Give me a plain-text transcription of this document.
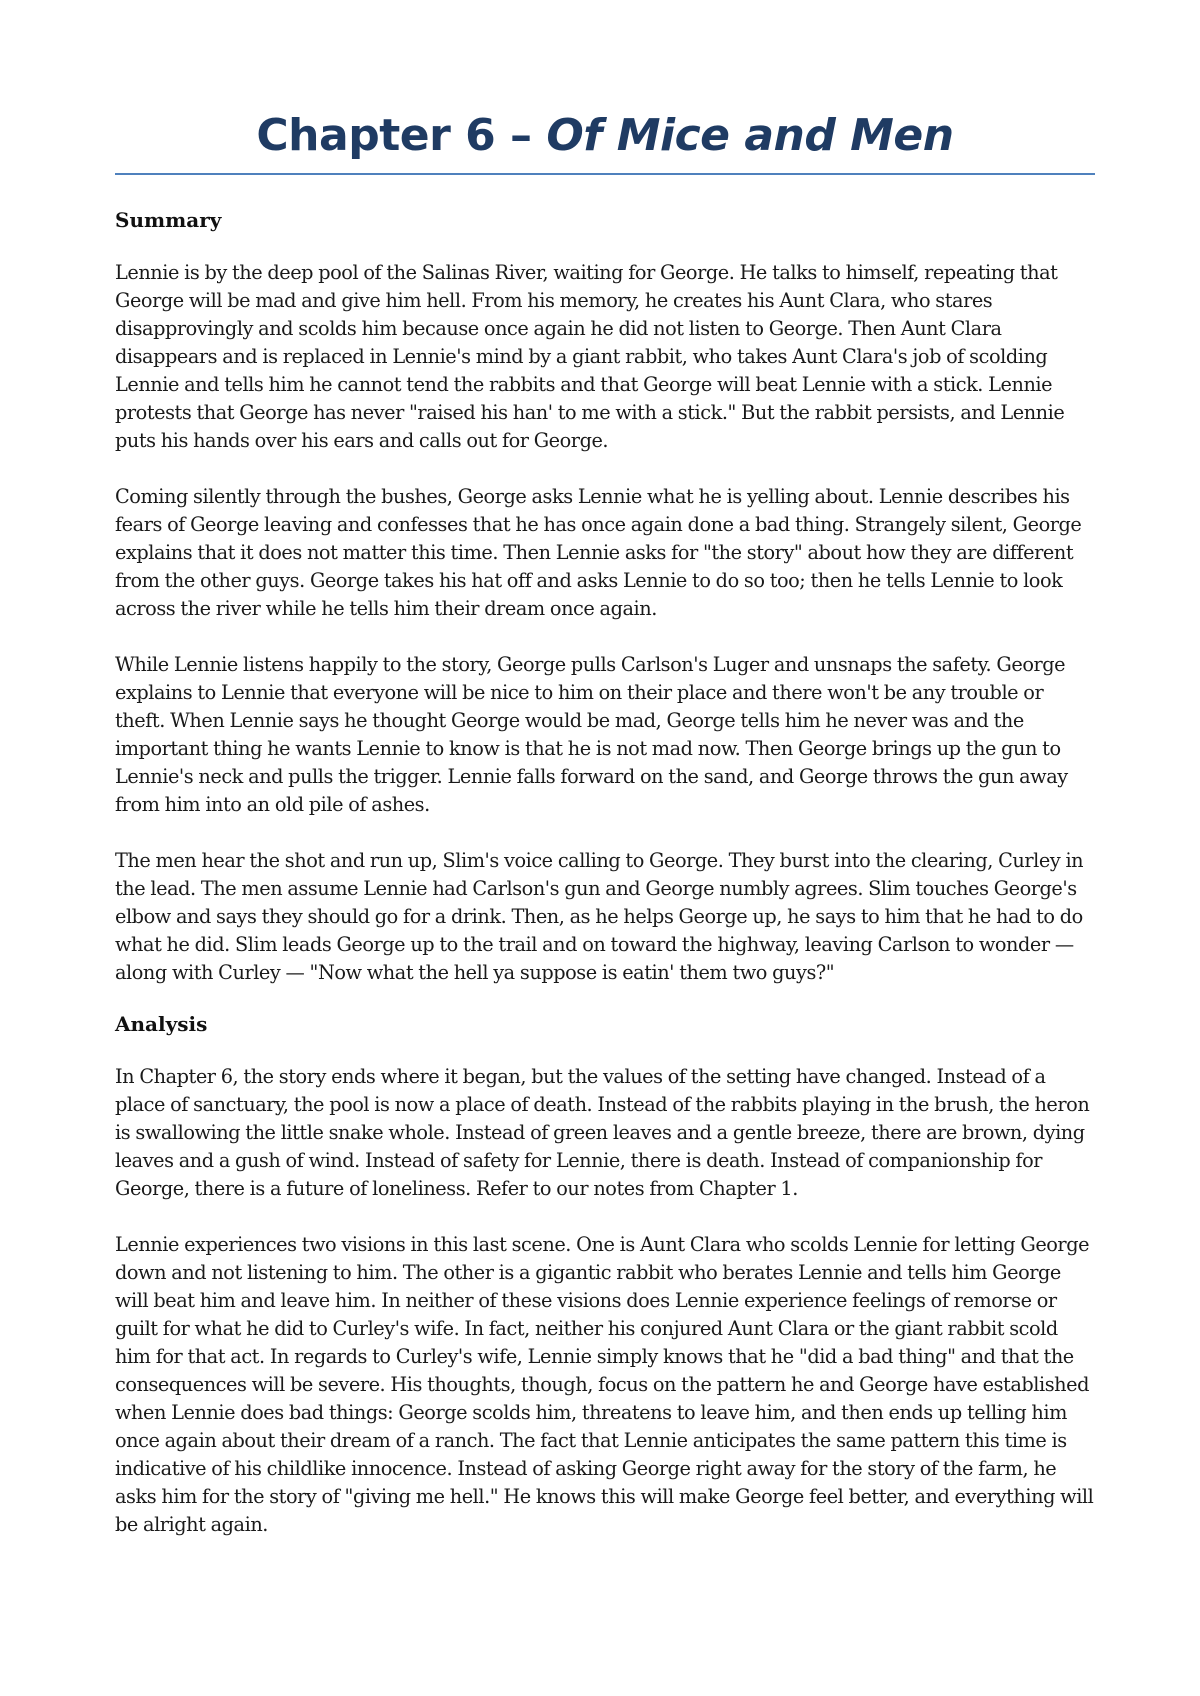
Chapter 6 – Of Mice and Men
Summary

Lennie is by the deep pool of the Salinas River, waiting for George. He talks to himself, repeating that George will be mad and give him hell. From his memory, he creates his Aunt Clara, who stares disapprovingly and scolds him because once again he did not listen to George. Then Aunt Clara disappears and is replaced in Lennie's mind by a giant rabbit, who takes Aunt Clara's job of scolding Lennie and tells him he cannot tend the rabbits and that George will beat Lennie with a stick. Lennie protests that George has never "raised his han' to me with a stick." But the rabbit persists, and Lennie puts his hands over his ears and calls out for George.

Coming silently through the bushes, George asks Lennie what he is yelling about. Lennie describes his fears of George leaving and confesses that he has once again done a bad thing. Strangely silent, George explains that it does not matter this time. Then Lennie asks for "the story" about how they are different from the other guys. George takes his hat off and asks Lennie to do so too; then he tells Lennie to look across the river while he tells him their dream once again.

While Lennie listens happily to the story, George pulls Carlson's Luger and unsnaps the safety. George explains to Lennie that everyone will be nice to him on their place and there won't be any trouble or theft. When Lennie says he thought George would be mad, George tells him he never was and the important thing he wants Lennie to know is that he is not mad now. Then George brings up the gun to Lennie's neck and pulls the trigger. Lennie falls forward on the sand, and George throws the gun away from him into an old pile of ashes.

The men hear the shot and run up, Slim's voice calling to George. They burst into the clearing, Curley in the lead. The men assume Lennie had Carlson's gun and George numbly agrees. Slim touches George's elbow and says they should go for a drink. Then, as he helps George up, he says to him that he had to do what he did. Slim leads George up to the trail and on toward the highway, leaving Carlson to wonder — along with Curley — "Now what the hell ya suppose is eatin' them two guys?"

Analysis

In Chapter 6, the story ends where it began, but the values of the setting have changed. Instead of a place of sanctuary, the pool is now a place of death. Instead of the rabbits playing in the brush, the heron is swallowing the little snake whole. Instead of green leaves and a gentle breeze, there are brown, dying leaves and a gush of wind. Instead of safety for Lennie, there is death. Instead of companionship for George, there is a future of loneliness. Refer to our notes from Chapter 1.

Lennie experiences two visions in this last scene. One is Aunt Clara who scolds Lennie for letting George down and not listening to him. The other is a gigantic rabbit who berates Lennie and tells him George will beat him and leave him. In neither of these visions does Lennie experience feelings of remorse or guilt for what he did to Curley's wife. In fact, neither his conjured Aunt Clara or the giant rabbit scold him for that act. In regards to Curley's wife, Lennie simply knows that he "did a bad thing" and that the consequences will be severe. His thoughts, though, focus on the pattern he and George have established when Lennie does bad things: George scolds him, threatens to leave him, and then ends up telling him once again about their dream of a ranch. The fact that Lennie anticipates the same pattern this time is indicative of his childlike innocence. Instead of asking George right away for the story of the farm, he asks him for the story of "giving me hell." He knows this will make George feel better, and everything will be alright again.
